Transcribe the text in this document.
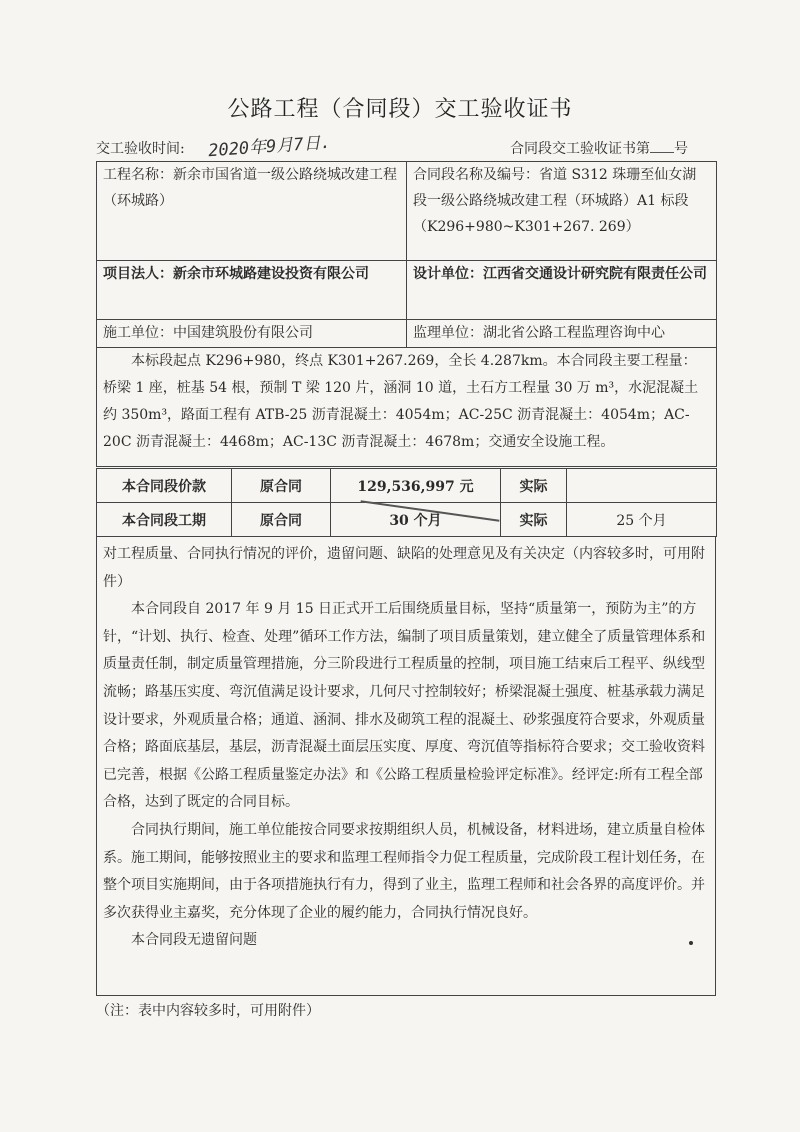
公路工程（合同段）交工验收证书
交工验收时间: 2020年9月7日.	合同段交工验收证书第 号
工程名称：新余市国省道一级公路绕城改建工程（环城路）	合同段名称及编号：省道 S312 珠珊至仙女湖段一级公路绕城改建工程（环城路）A1 标段（K296+980~K301+267. 269）

项目法人：新余市环城路建设投资有限公司	设计单位：江西省交通设计研究院有限责任公司

施工单位：中国建筑股份有限公司	监理单位：湖北省公路工程监理咨询中心
本标段起点 K296+980，终点 K301+267.269，全长 4.287km。本合同段主要工程量：桥梁 1 座，桩基 54 根，预制 T 梁 120 片，涵洞 10 道，土石方工程量 30 万 m³，水泥混凝土约 350m³，路面工程有 ATB-25 沥青混凝土：4054m；AC-25C 沥青混凝土：4054m；AC-20C 沥青混凝土：4468m；AC-13C 沥青混凝土：4678m；交通安全设施工程。	
本合同段价款	原合同	129,536,997 元	实际	
本合同段工期	原合同	30 个月	实际	25 个月

对工程质量、合同执行情况的评价，遗留问题、缺陷的处理意见及有关决定（内容较多时，可用附件）

本合同段自 2017 年 9 月 15 日正式开工后围绕质量目标，坚持“质量第一，预防为主”的方针，“计划、执行、检查、处理”循环工作方法，编制了项目质量策划，建立健全了质量管理体系和质量责任制，制定质量管理措施，分三阶段进行工程质量的控制，项目施工结束后工程平、纵线型流畅；路基压实度、弯沉值满足设计要求，几何尺寸控制较好；桥梁混凝土强度、桩基承载力满足设计要求，外观质量合格；通道、涵洞、排水及砌筑工程的混凝土、砂浆强度符合要求，外观质量合格；路面底基层，基层，沥青混凝土面层压实度、厚度、弯沉值等指标符合要求；交工验收资料已完善，根据《公路工程质量鉴定办法》和《公路工程质量检验评定标准》。经评定:所有工程全部合格，达到了既定的合同目标。

合同执行期间，施工单位能按合同要求按期组织人员，机械设备，材料进场，建立质量自检体系。施工期间，能够按照业主的要求和监理工程师指令力促工程质量，完成阶段工程计划任务，在整个项目实施期间，由于各项措施执行有力，得到了业主，监理工程师和社会各界的高度评价。并多次获得业主嘉奖，充分体现了企业的履约能力，合同执行情况良好。

本合同段无遗留问题

（注：表中内容较多时，可用附件）
